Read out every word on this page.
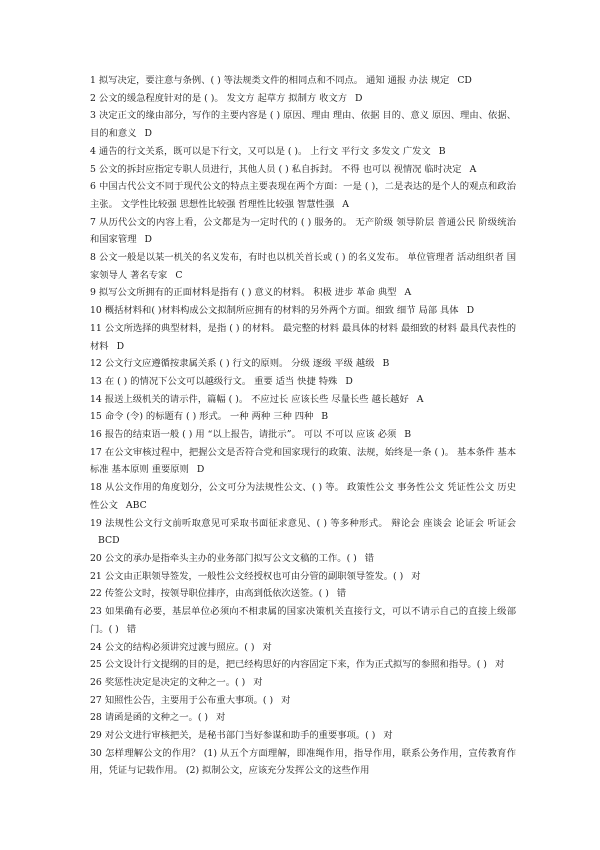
1 拟写决定，要注意与条例、( ) 等法规类文件的相同点和不同点。 通知 通报 办法 规定 CD

2 公文的缓急程度针对的是 ( )。 发文方 起草方 拟制方 收文方 D

3 决定正文的缘由部分，写作的主要内容是 ( ) 原因、理由 理由、依据 目的、意义 原因、理由、依据、目的和意义 D

4 通告的行文关系，既可以是下行文，又可以是 ( )。 上行文 平行文 多发文 广发文 B

5 公文的拆封应指定专职人员进行，其他人员 ( ) 私自拆封。 不得 也可以 视情况 临时决定 A

6 中国古代公文不同于现代公文的特点主要表现在两个方面：一是 ( )，二是表达的是个人的观点和政治主张。 文学性比较强 思想性比较强 哲理性比较强 智慧性强 A

7 从历代公文的内容上看，公文都是为一定时代的 ( ) 服务的。 无产阶级 领导阶层 普通公民 阶级统治和国家管理 D

8 公文一般是以某一机关的名义发布，有时也以机关首长或 ( ) 的名义发布。 单位管理者 活动组织者 国家领导人 著名专家 C

9 拟写公文所拥有的正面材料是指有 ( ) 意义的材料。 积极 进步 革命 典型 A

10 概括材料和( )材料构成公文拟制所应拥有的材料的另外两个方面。细致 细节 局部 具体 D

11 公文所选择的典型材料，是指 ( ) 的材料。 最完整的材料 最具体的材料 最细致的材料 最具代表性的材料 D

12 公文行文应遵循按隶属关系 ( ) 行文的原则。 分级 逐级 平级 越级 B

13 在 ( ) 的情况下公文可以越级行文。 重要 适当 快捷 特殊 D

14 报送上级机关的请示件，篇幅 ( )。 不应过长 应该长些 尽量长些 越长越好 A

15 命令 (令) 的标题有 ( ) 形式。 一种 两种 三种 四种 B

16 报告的结束语一般 ( ) 用 “以上报告，请批示”。 可以 不可以 应该 必须 B

17 在公文审核过程中，把握公文是否符合党和国家现行的政策、法规，始终是一条 ( )。 基本条件 基本标准 基本原则 重要原则 D

18 从公文作用的角度划分，公文可分为法规性公文、( ) 等。 政策性公文 事务性公文 凭证性公文 历史性公文 ABC

19 法规性公文行文前听取意见可采取书面征求意见、( ) 等多种形式。 辩论会 座谈会 论证会 听证会BCD

20 公文的承办是指牵头主办的业务部门拟写公文文稿的工作。( ) 错

21 公文由正职领导签发，一般性公文经授权也可由分管的副职领导签发。( ) 对

22 传签公文时，按领导职位排序，由高到低依次送签。( ) 错

23 如果确有必要，基层单位必须向不相隶属的国家决策机关直接行文，可以不请示自己的直接上级部门。( ) 错

24 公文的结构必须讲究过渡与照应。( ) 对

25 公文设计行文提纲的目的是，把已经构思好的内容固定下来，作为正式拟写的参照和指导。( ) 对

26 奖惩性决定是决定的文种之一。( ) 对

27 知照性公告，主要用于公布重大事项。( ) 对

28 请函是函的文种之一。( ) 对

29 对公文进行审核把关，是秘书部门当好参谋和助手的重要事项。( ) 对

30 怎样理解公文的作用？ (1) 从五个方面理解，即准绳作用，指导作用，联系公务作用，宣传教育作用，凭证与记载作用。 (2) 拟制公文，应该充分发挥公文的这些作用
